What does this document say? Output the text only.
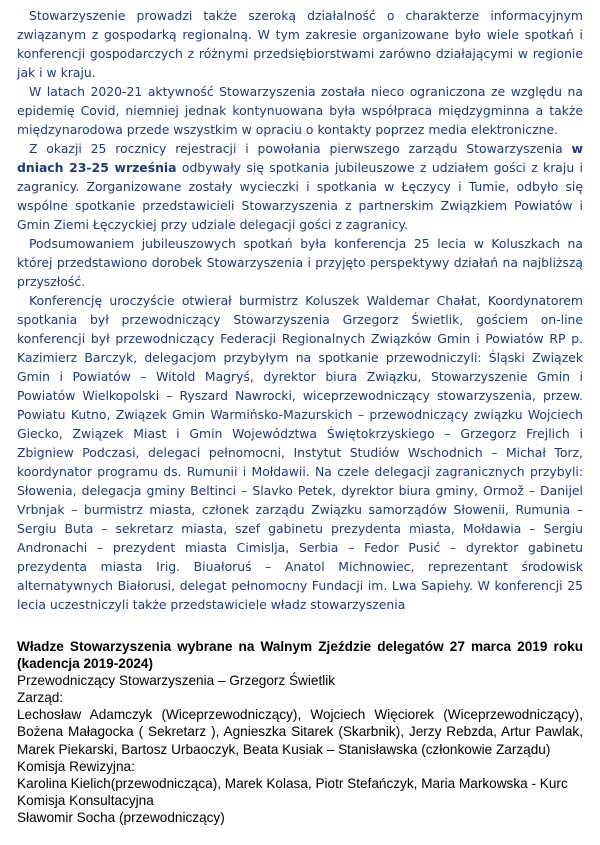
Stowarzyszenie prowadzi także szeroką działalność o charakterze informacyjnym związanym z gospodarką regionalną. W tym zakresie organizowane było wiele spotkań i konferencji gospodarczych z różnymi przedsiębiorstwami zarówno działającymi w regionie jak i w kraju.

W latach 2020-21 aktywność Stowarzyszenia została nieco ograniczona ze względu na epidemię Covid, niemniej jednak kontynuowana była współpraca międzygminna a także międzynarodowa przede wszystkim w opraciu o kontakty poprzez media elektroniczne.

Z okazji 25 rocznicy rejestracji i powołania pierwszego zarządu Stowarzyszenia w dniach 23-25 września odbywały się spotkania jubileuszowe z udziałem gości z kraju i zagranicy. Zorganizowane zostały wycieczki i spotkania w Łęczycy i Tumie, odbyło się wspólne spotkanie przedstawicieli Stowarzyszenia z partnerskim Związkiem Powiatów i Gmin Ziemi Łęczyckiej przy udziale delegacji gości z zagranicy.

Podsumowaniem jubileuszowych spotkań była konferencja 25 lecia w Koluszkach na której przedstawiono dorobek Stowarzyszenia i przyjęto perspektywy działań na najbliższą przyszłość.

Konferencję uroczyście otwierał burmistrz Koluszek Waldemar Chałat, Koordynatorem spotkania był przewodniczący Stowarzyszenia Grzegorz Świetlik, gościem on-line konferencji był przewodniczący Federacji Regionalnych Związków Gmin i Powiatów RP p. Kazimierz Barczyk, delegacjom przybyłym na spotkanie przewodniczyli: Śląski Związek Gmin i Powiatów – Witold Magryś, dyrektor biura Związku, Stowarzyszenie Gmin i Powiatów Wielkopolski – Ryszard Nawrocki, wiceprzewodniczący stowarzyszenia, przew. Powiatu Kutno, Związek Gmin Warmińsko-Mazurskich – przewodniczący związku Wojciech Giecko, Związek Miast i Gmin Województwa Świętokrzyskiego – Grzegorz Frejlich i Zbigniew Podczasi, delegaci pełnomocni, Instytut Studiów Wschodnich – Michał Torz, koordynator programu ds. Rumunii i Mołdawii. Na czele delegacji zagranicznych przybyli: Słowenia, delegacja gminy Beltinci – Slavko Petek, dyrektor biura gminy, Ormož – Danijel Vrbnjak – burmistrz miasta, członek zarządu Związku samorządów Słowenii, Rumunia – Sergiu Buta – sekretarz miasta, szef gabinetu prezydenta miasta, Mołdawia – Sergiu Andronachi – prezydent miasta Cimislja, Serbia – Fedor Pusić – dyrektor gabinetu prezydenta miasta Irig. Biuałoruś – Anatol Michnowiec, reprezentant środowisk alternatywnych Białorusi, delegat pełnomocny Fundacji im. Lwa Sapiehy. W konferencji 25 lecia uczestniczyli także przedstawiciele władz stowarzyszenia

Władze Stowarzyszenia wybrane na Walnym Zjeździe delegatów 27 marca 2019 roku (kadencja 2019-2024)

Przewodniczący Stowarzyszenia – Grzegorz Świetlik

Zarząd:

Lechosław Adamczyk (Wiceprzewodniczący), Wojciech Więciorek (Wiceprzewodniczący), Bożena Małagocka ( Sekretarz ), Agnieszka Sitarek (Skarbnik), Jerzy Rebzda, Artur Pawlak, Marek Piekarski, Bartosz Urbaoczyk, Beata Kusiak – Stanisławska (członkowie Zarządu)

Komisja Rewizyjna:

Karolina Kielich(przewodnicząca), Marek Kolasa, Piotr Stefańczyk, Maria Markowska - Kurc

Komisja Konsultacyjna

Sławomir Socha (przewodniczący)
